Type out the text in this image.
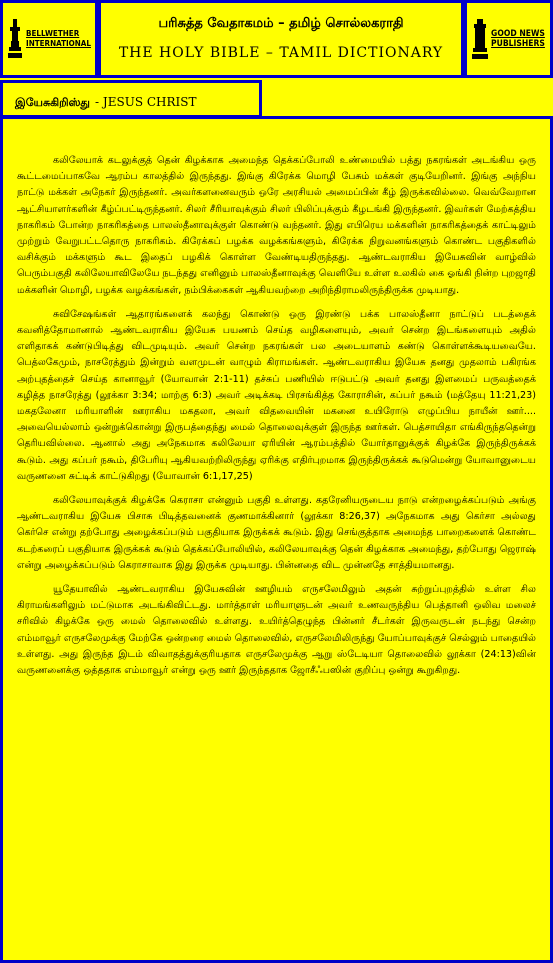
BELLWETHER
INTERNATIONAL
பரிசுத்த வேதாகமம் – தமிழ் சொல்லகராதி
THE HOLY BIBLE – TAMIL DICTIONARY
GOOD NEWS
PUBLISHERS
இயேசுகிறிஸ்து - JESUS CHRIST

கலிலேயாக் கடலுக்குத் தென் கிழக்காக அமைந்த தெக்கப்போலி உண்மையில் பத்து நகரங்கள் அடங்கிய ஒரு கூட்டமைப்பாகவே ஆரம்ப காலத்தில் இருந்தது. இங்கு கிரேக்க மொழி பேசும் மக்கள் குடியேறினர். இங்கு அந்நிய நாட்டு மக்கள் அநேகர் இருந்தனர். அவர்களனைவரும் ஒரே அரசியல் அமைப்பின் கீழ் இருக்கவில்லை. வெவ்வேறான ஆட்சியாளர்களின் கீழ்ப்பட்டிருந்தனர். சிலர் சீரியாவுக்கும் சிலர் பிலிப்புக்கும் கீழடங்கி இருந்தனர். இவர்கள் மேற்கத்திய நாகரிகம் போன்ற நாகரிகத்தை பாலஸ்தீனாவுக்குள் கொண்டு வந்தனர். இது எபிரெய மக்களின் நாகரிகத்தைக் காட்டிலும் முற்றும் வேறுபட்டதொரு நாகரிகம். கிரேக்கப் பழக்க வழக்கங்களும், கிரேக்க நிறுவனங்களும் கொண்ட பகுதிகளில் வசிக்கும் மக்களும் கூட இதைப் பழகிக் கொள்ள வேண்டியதிருந்தது. ஆண்டவராகிய இயேசுவின் வாழ்வில் பெரும்பகுதி கலிலேயாவிலேயே நடந்தது எனினும் பாலஸ்தீனாவுக்கு வெளியே உள்ள உலகில் கை ஓங்கி நின்ற புறஜாதி மக்களின் மொழி, பழக்க வழக்கங்கள், நம்பிக்கைகள் ஆகியவற்றை அறிந்திராமலிருந்திருக்க முடியாது.

சுவிசேஷங்கள் ஆதாரங்களைக் கலந்து கொண்டு ஒரு இரண்டு பக்க பாலஸ்தீனா நாட்டுப் படத்தைக் கவனித்தோமானால் ஆண்டவராகிய இயேசு பயணம் செய்த வழிகளையும், அவர் சென்ற இடங்களையும் அதில் எளிதாகக் கண்டுபிடித்து விடமுடியும். அவர் சென்ற நகரங்கள் பல அடையாளம் கண்டு கொள்ளக்கூடியவையே. பெத்லகேமும், நாசரேத்தும் இன்றும் வளமுடன் வாழும் கிராமங்கள். ஆண்டவராகிய இயேசு தனது முதலாம் பகிரங்க அற்புதத்தைச் செய்த கானாவூர் (யோவான் 2:1-11) தச்சுப் பணியில் ஈடுபட்டு அவர் தனது இளமைப் பருவத்தைக் கழித்த நாசரேத்து (லூக்கா 3:34; மாற்கு 6:3) அவர் அடிக்கடி பிரசங்கித்த கோராசின், கப்பர் நகூம் (மத்தேயு 11:21,23) மகதலேனா மரியாளின் ஊராகிய மகதலா, அவர் விதவையின் மகனை உயிரோடு எழுப்பிய நாயீன் ஊர்.... அவையெல்லாம் ஒன்றுக்கொன்று இருபத்தைந்து மைல் தொலைவுக்குள் இருந்த ஊர்கள். பெத்சாயிதா எங்கிருந்ததென்று தெரியவில்லை. ஆனால் அது அநேகமாக கலிலேயா ஏரியின் ஆரம்பத்தில் யோர்தானுக்குக் கிழக்கே இருந்திருக்கக் கூடும். அது கப்பர் நகூம், திபேரியு ஆகியவற்றிலிருந்து ஏரிக்கு எதிர்புறமாக இருந்திருக்கக் கூடுமென்று யோவானுடைய வருணனை சுட்டிக் காட்டுகிறது (யோவான் 6:1,17,25)

கலிலேயாவுக்குக் கிழக்கே கெராசா என்னும் பகுதி உள்ளது. கதரேனியருடைய நாடு என்றழைக்கப்படும் அங்கு ஆண்டவராகிய இயேசு பிசாசு பிடித்தவனைக் குணமாக்கினார் (லூக்கா 8:26,37) அநேகமாக அது கெர்சா அல்லது கெர்செ என்று தற்போது அழைக்கப்படும் பகுதியாக இருக்கக் கூடும். இது செங்குத்தாக அமைந்த பாறைகளைக் கொண்ட கடற்கரைப் பகுதியாக இருக்கக் கூடும் தெக்கப்போலியில், கலிலேயாவுக்கு தென் கிழக்காக அமைந்து, தற்போது ஜெராஷ் என்று அழைக்கப்படும் கெராசாவாக இது இருக்க முடியாது. பின்னதை விட முன்னதே சாத்தியமானது.

யூதேயாவில் ஆண்டவராகிய இயேசுவின் ஊழியம் எருசலேமிலும் அதன் சுற்றுப்புறத்தில் உள்ள சில கிராமங்களிலும் மட்டுமாக அடங்கிவிட்டது. மார்த்தாள் மரியாளுடன் அவர் உணவருந்திய பெத்தானி ஒலிவ மலைச் சரிவில் கிழக்கே ஒரு மைல் தொலைவில் உள்ளது. உயிர்த்தெழுந்த பின்னர் சீடர்கள் இருவருடன் நடந்து சென்ற எம்மாவூர் எருசலேமுக்கு மேற்கே ஒன்றரை மைல் தொலைவில், எருசலேமிலிருந்து யோப்பாவுக்குச் செல்லும் பாதையில் உள்ளது. அது இருந்த இடம் விவாதத்துக்குரியதாக எருசலேமுக்கு ஆறு ஸ்டேடியா தொலைவில் லூக்கா (24:13)வின் வருணனைக்கு ஒத்ததாக எம்மாவூர் என்று ஒரு ஊர் இருந்ததாக ஜோசீஃபஸின் குறிப்பு ஒன்று கூறுகிறது.
